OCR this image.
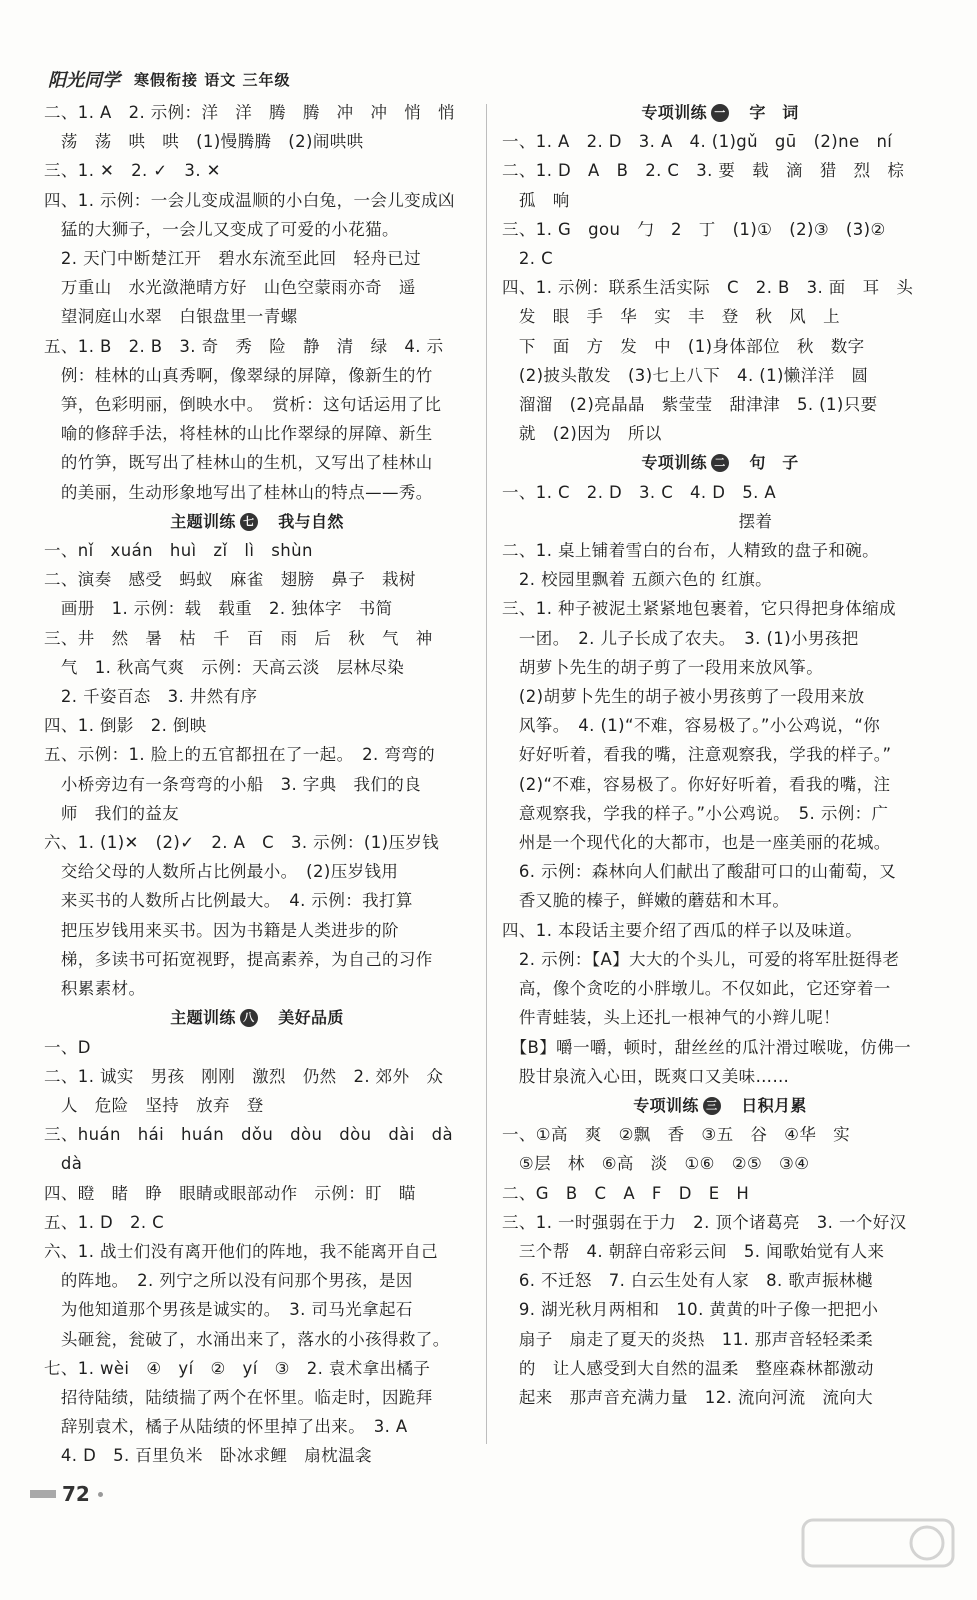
阳光同学 寒假衔接 语文 三年级
二、1. A　2. 示例：洋　洋　腾　腾　冲　冲　悄　悄
　荡　荡　哄　哄　(1)慢腾腾　(2)闹哄哄
三、1. ✕　2. ✓　3. ✕
四、1. 示例：一会儿变成温顺的小白兔，一会儿变成凶
　猛的大狮子，一会儿又变成了可爱的小花猫。
　2. 天门中断楚江开　碧水东流至此回　轻舟已过
　万重山　水光潋滟晴方好　山色空蒙雨亦奇　遥
　望洞庭山水翠　白银盘里一青螺
五、1. B　2. B　3. 奇　秀　险　静　清　绿　4. 示
　例：桂林的山真秀啊，像翠绿的屏障，像新生的竹
　笋，色彩明丽，倒映水中。　赏析：这句话运用了比
　喻的修辞手法，将桂林的山比作翠绿的屏障、新生
　的竹笋，既写出了桂林山的生机，又写出了桂林山
　的美丽，生动形象地写出了桂林山的特点——秀。
主题训练 七　我与自然
一、nǐ　xuán　huì　zǐ　lì　shùn
二、演奏　感受　蚂蚁　麻雀　翅膀　鼻子　栽树
　画册　1. 示例：载　载重　2. 独体字　书简
三、井　然　暑　枯　千　百　雨　后　秋　气　神
　气　1. 秋高气爽　示例：天高云淡　层林尽染
　2. 千姿百态　3. 井然有序
四、1. 倒影　2. 倒映
五、示例：1. 脸上的五官都扭在了一起。　2. 弯弯的
　小桥旁边有一条弯弯的小船　3. 字典　我们的良
　师　我们的益友
六、1. (1)✕　(2)✓　2. A　C　3. 示例：(1)压岁钱
　交给父母的人数所占比例最小。　(2)压岁钱用
　来买书的人数所占比例最大。　4. 示例：我打算
　把压岁钱用来买书。因为书籍是人类进步的阶
　梯，多读书可拓宽视野，提高素养，为自己的习作
　积累素材。
主题训练 八　美好品质
一、D
二、1. 诚实　男孩　刚刚　激烈　仍然　2. 郊外　众
　人　危险　坚持　放弃　登
三、huán　hái　huán　dǒu　dòu　dòu　dài　dà
　dà
四、瞪　睹　睁　眼睛或眼部动作　示例：盯　瞄
五、1. D　2. C
六、1. 战士们没有离开他们的阵地，我不能离开自己
　的阵地。　2. 列宁之所以没有问那个男孩，是因
　为他知道那个男孩是诚实的。　3. 司马光拿起石
　头砸瓮，瓮破了，水涌出来了，落水的小孩得救了。
七、1. wèi　④　yí　②　yí　③　2. 袁术拿出橘子
　招待陆绩，陆绩揣了两个在怀里。临走时，因跪拜
　辞别袁术，橘子从陆绩的怀里掉了出来。　3. A
　4. D　5. 百里负米　卧冰求鲤　扇枕温衾
专项训练 一　字　词
一、1. A　2. D　3. A　4. (1)gǔ　gū　(2)ne　ní
二、1. D　A　B　2. C　3. 要　载　滴　猎　烈　棕
　孤　响
三、1. G　gou　勹　2　丁　(1)①　(2)③　(3)②
　2. C
四、1. 示例：联系生活实际　C　2. B　3. 面　耳　头
　发　眼　手　华　实　丰　登　秋　风　上
　下　面　方　发　中　(1)身体部位　秋　数字
　(2)披头散发　(3)七上八下　4. (1)懒洋洋　圆
　溜溜　(2)亮晶晶　紫莹莹　甜津津　5. (1)只要
　就　(2)因为　所以
专项训练 二　句　子
一、1. C　2. D　3. C　4. D　5. A
　　　　　　　　　　　　　　摆着
二、1. 桌上铺着雪白的台布，人精致的盘子和碗。
　2. 校园里飘着 五颜六色的 红旗。
三、1. 种子被泥土紧紧地包裹着，它只得把身体缩成
　一团。　2. 儿子长成了农夫。　3. (1)小男孩把
　胡萝卜先生的胡子剪了一段用来放风筝。
　(2)胡萝卜先生的胡子被小男孩剪了一段用来放
　风筝。　4. (1)“不难，容易极了。”小公鸡说，“你
　好好听着，看我的嘴，注意观察我，学我的样子。”
　(2)“不难，容易极了。你好好听着，看我的嘴，注
　意观察我，学我的样子。”小公鸡说。　5. 示例：广
　州是一个现代化的大都市，也是一座美丽的花城。
　6. 示例：森林向人们献出了酸甜可口的山葡萄，又
　香又脆的榛子，鲜嫩的蘑菇和木耳。
四、1. 本段话主要介绍了西瓜的样子以及味道。
　2. 示例：【A】大大的个头儿，可爱的将军肚挺得老
　高，像个贪吃的小胖墩儿。不仅如此，它还穿着一
　件青蛙装，头上还扎一根神气的小辫儿呢！
　【B】嚼一嚼，顿时，甜丝丝的瓜汁滑过喉咙，仿佛一
　股甘泉流入心田，既爽口又美味……
专项训练 三　日积月累
一、①高　爽　②飘　香　③五　谷　④华　实
　⑤层　林　⑥高　淡　①⑥　②⑤　③④
二、G　B　C　A　F　D　E　H
三、1. 一时强弱在于力　2. 顶个诸葛亮　3. 一个好汉
　三个帮　4. 朝辞白帝彩云间　5. 闻歌始觉有人来
　6. 不迁怒　7. 白云生处有人家　8. 歌声振林樾
　9. 湖光秋月两相和　10. 黄黄的叶子像一把把小
　扇子　扇走了夏天的炎热　11. 那声音轻轻柔柔
　的　让人感受到大自然的温柔　整座森林都激动
　起来　那声音充满力量　12. 流向河流　流向大
72
